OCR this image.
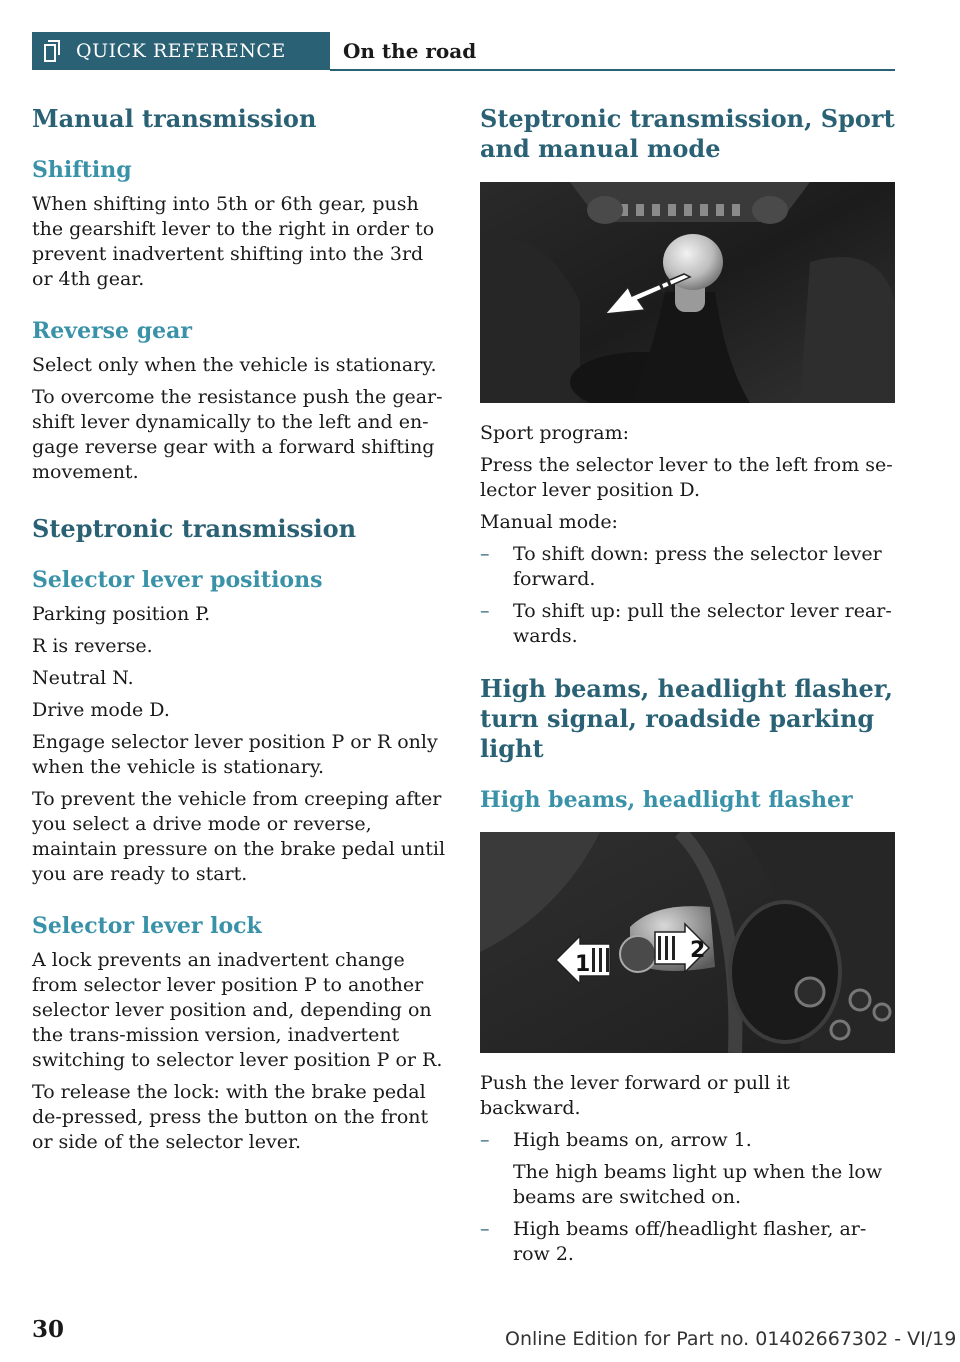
QUICK REFERENCE	On the road
Manual transmission
Shifting

When shifting into 5th or 6th gear, push the gearshift lever to the right in order to prevent inadvertent shifting into the 3rd or 4th gear.

Reverse gear

Select only when the vehicle is stationary.

To overcome the resistance push the gear‐shift lever dynamically to the left and en‐gage reverse gear with a forward shifting movement.

Steptronic transmission
Selector lever positions

Parking position P.

R is reverse.

Neutral N.

Drive mode D.

Engage selector lever position P or R only when the vehicle is stationary.

To prevent the vehicle from creeping after you select a drive mode or reverse, maintain pressure on the brake pedal until you are ready to start.

Selector lever lock

A lock prevents an inadvertent change from selector lever position P to another selector lever position and, depending on the trans‐mission version, inadvertent switching to selector lever position P or R.

To release the lock: with the brake pedal de‐pressed, press the button on the front or side of the selector lever.

Steptronic transmission, Sport and manual mode

Sport program:

Press the selector lever to the left from se‐lector lever position D.

Manual mode:

– To shift down: press the selector lever forward.
– To shift up: pull the selector lever rear‐wards.
High beams, headlight flasher, turn signal, roadside parking light
High beams, headlight flasher
1
2

Push the lever forward or pull it backward.

– High beams on, arrow 1.
The high beams light up when the low beams are switched on.
– High beams off/headlight flasher, ar‐row 2.
30	Online Edition for Part no. 01402667302 - VI/19
